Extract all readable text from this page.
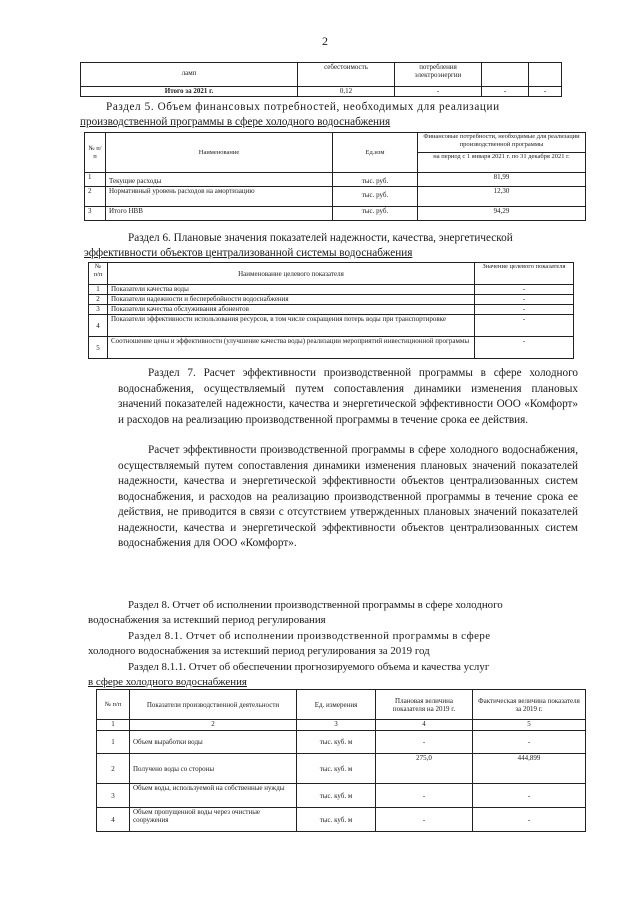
2
ламп	себестоимость	потребления электроэнергии		
Итого за 2021 г.	0,12	-	-	-
Раздел 5. Объем финансовых потребностей, необходимых для реализации
производственной программы в сфере холодного водоснабжения
№ п/п	Наименование	Ед.изм	Финансовые потребности, необходимые для реализации производственной программы
			на период с 1 января 2021 г. по 31 декабря 2021 г.
1	Текущие расходы	тыс. руб.	81,99
2	Нормативный уровень расходов на амортизацию	тыс. руб.	12,30
3	Итого НВВ	тыс. руб.	94,29
Раздел 6. Плановые значения показателей надежности, качества, энергетической
эффективности объектов централизованной системы водоснабжения
№ п/п	Наименование целевого показателя	Значение целевого показателя
1	Показатели качества воды	-
2	Показатели надежности и бесперебойности водоснабжения	-
3	Показатели качества обслуживания абонентов	-
4	Показатели эффективности использования ресурсов, в том числе сокращения потерь воды при транспортировке	-
5	Соотношение цены и эффективности (улучшение качества воды) реализации мероприятий инвестиционной программы	-
Раздел 7. Расчет эффективности производственной программы в сфере холодного водоснабжения, осуществляемый путем сопоставления динамики изменения плановых значений показателей надежности, качества и энергетической эффективности ООО «Комфорт» и расходов на реализацию производственной программы в течение срока ее действия.
Расчет эффективности производственной программы в сфере холодного водоснабжения, осуществляемый путем сопоставления динамики изменения плановых значений показателей надежности, качества и энергетической эффективности объектов централизованных систем водоснабжения, и расходов на реализацию производственной программы в течение срока ее действия, не приводится в связи с отсутствием утвержденных плановых значений показателей надежности, качества и энергетической эффективности объектов централизованных систем водоснабжения для ООО «Комфорт».
Раздел 8. Отчет об исполнении производственной программы в сфере холодного
водоснабжения за истекший период регулирования
Раздел 8.1. Отчет об исполнении производственной программы в сфере
холодного водоснабжения за истекший период регулирования за 2019 год
Раздел 8.1.1. Отчет об обеспечении прогнозируемого объема и качества услуг
в сфере холодного водоснабжения
№ п/п	Показатели производственной деятельности	Ед. измерения	Плановая величина показателя на 2019 г.	Фактическая величина показателя за 2019 г.
1	2	3	4	5
1	Объем выработки воды	тыс. куб. м	-	-
2	Получено воды со стороны	тыс. куб. м	275,0	444,899
3	Объем воды, используемой на собственные нужды	тыс. куб. м	-	-
4	Объем пропущенной воды через очистные сооружения	тыс. куб. м	-	-
